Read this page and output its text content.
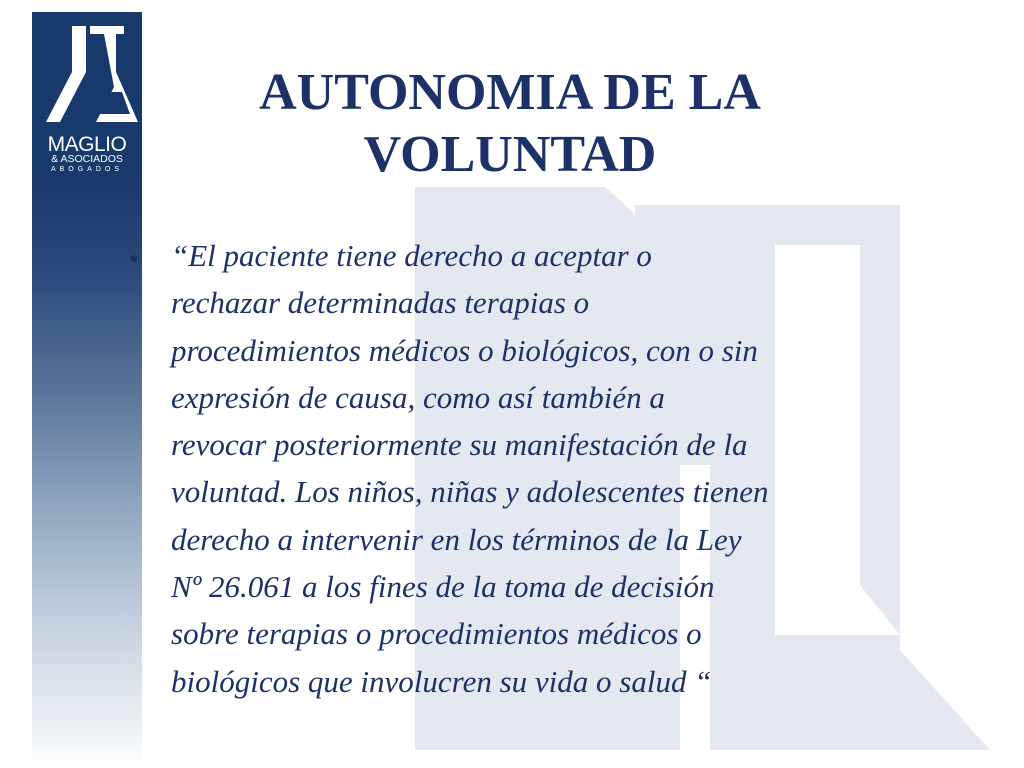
MAGLIO
& ASOCIADOS
ABOGADOS
AUTONOMIA DE LA
VOLUNTAD
• “El paciente tiene derecho a aceptar o
rechazar determinadas terapias o
procedimientos médicos o biológicos, con o sin
expresión de causa, como así también a
revocar posteriormente su manifestación de la
voluntad. Los niños, niñas y adolescentes tienen
derecho a intervenir en los términos de la Ley
Nº 26.061 a los fines de la toma de decisión
sobre terapias o procedimientos médicos o
biológicos que involucren su vida o salud “
